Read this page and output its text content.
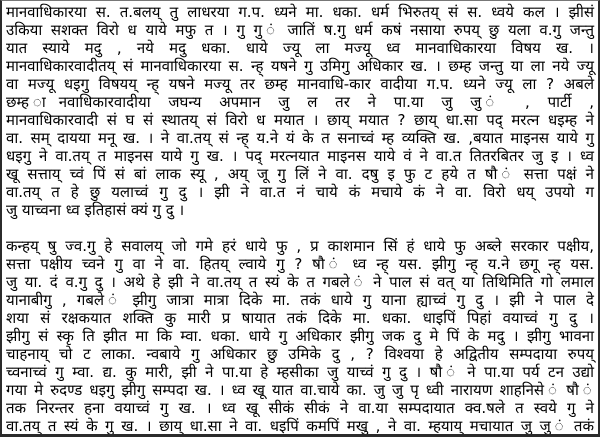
मानवाधिकारया स. त.बलय् तु लाधरया ग.प. ध्यने मा. धका. धर्म भिरुतय् सं स. ध्वये कल । झीसं
उकिया सशक्त विरो ध याये मफु त । गु गु ं जातिं ष.गु धर्म कषं नसाया रुपय् छु यला व.गु जन्तु
यात स्याये मदु , नये मदु धका. धाये ज्यू ला मज्यू ध्व मानवाधिकारया विषय ख. ।
मानवाधिकारवादीतय् सं मानवाधिकारया स. न्ह् यषने गु उमिगु अधिकार ख. । छम्ह जन्तु या ला नये ज्यू
वा मज्यू धइगु विषयय् न्ह् यषने मज्यू तर छम्ह मानवाधि-कार वादीया ग.प. ध्यने ज्यू ला ? अबले
छम्ह ानवाधिकारवादीया जघन्य अपमान जु ल तर ने पा.या जु जु ं , पार्टी ,
मानवाधिकारवादी सं घ सं स्थातय् सं विरो ध मयात । छाय् मयात ? छाय् धा.सा पद् मरत्न धइम्ह ने
वा. सम् दायया मनू ख. । ने वा.तय् सं न्ह् य.ने यं के त सनाच्वं म्ह व्यक्ति ख. ,बयात माइनस याये गु
धइगु ने वा.तय् त माइनस याये गु ख. । पद् मरत्नयात माइनस याये वं ने वा.त तितरबितर जु इ । ध्व
खू सत्ताय् च्वं पिं सं बां लाक स्यू , अय् जू गु लिं ने वा. दषु इ फु ट हये त षौ ं सत्ता पक्षं ने
वा.तय् त हे छु यलाच्वं गु दु । झी ने वा.त नं चाये कं मचाये कं ने वा. विरो धय् उपयो ग
जु याच्वना ध्व इतिहासं क्यं गु दु ।
कन्हय् षु ज्व.गु हे सवालय् जो गमे हरं धाये फु , प्र काशमान सिं हं धाये फु अब्ले सरकार पक्षीय,
सत्ता पक्षीय च्वने गु वा ने वा. हितय् ल्वाये गु ? षौ ं ध्व न्ह् यस. झीगु न्ह् य.ने छगू न्ह् यस.
जु या. दं व.गु दु । अथे हे झी ने वा.तय् त स्यं के त गबले ं ने पाल सं वत् या तिथिमिति गो लमाल
यानाबीगु , गबले ं झीगु जात्रा मात्रा दिके मा. तकं धाये गु याना ह्याच्वं गु दु । झी ने पाल दे
शया सं रक्षकयात शक्ति कु मारी प्र षायात तकं दिके मा. धका. धाइपिं पिहां वयाच्वं गु दु ।
झीगु सं स्कृ ति झीत मा कि म्वा. धका. धाये गु अधिकार झीगु जक दु मे पिं के मदु । झीगु भावना
चाहनाय् चो ट लाका. न्वबाये गु अधिकार छु उमिके दु , ? विश्वया हे अद्वितीय सम्पदाया रुपय्
च्वनाच्वं गु म्वा. द्य. कु मारी, झी ने पा.या हे म्हसीका जु याच्वं गु दु । षौ ं ने पा.या पर्य टन उद्यो
गया मे रुदण्ड धइगु झीगु सम्पदा ख. । ध्व खू यात वा.चाये का. जु जु पृ ध्वी नारायण शाहनिसे ं षौ ं
तक निरन्तर हना वयाच्वं गु ख. । ध्व खू सीकं सीकं ने वा.या सम्पदायात क्व.षले त स्वये गु ने
वा.तय् त स्यं के गु ख. । छाय् धा.सा ने वा. धइपिं कमपिं मखु , ने वा. म्हयाय् मचायात जु जु ं तकं
